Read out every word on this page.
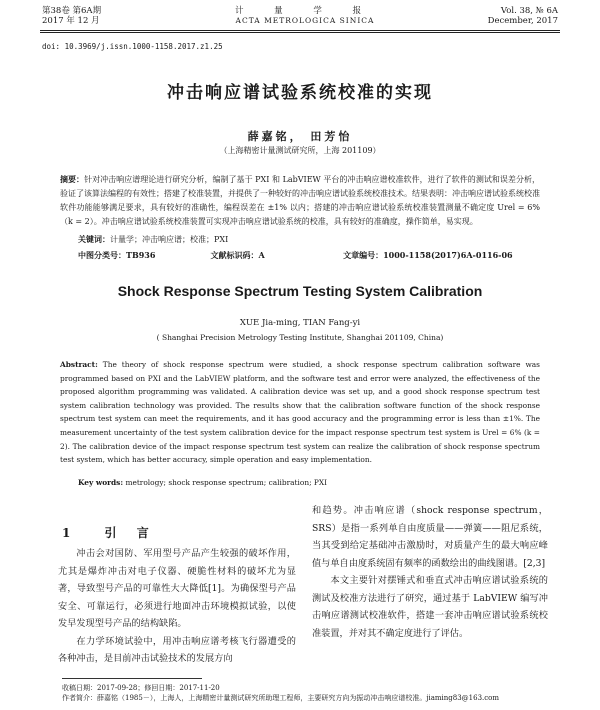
第38卷 第6A期
2017 年 12 月
计 量 学 报
ACTA METROLOGICA SINICA
Vol. 38, № 6A
December, 2017
doi: 10.3969/j.issn.1000-1158.2017.z1.25
冲击响应谱试验系统校准的实现
薛嘉铭， 田芳怡
（上海精密计量测试研究所，上海 201109）
摘要：针对冲击响应谱理论进行研究分析，编制了基于 PXI 和 LabVIEW 平台的冲击响应谱校准软件，进行了软件的测试和误差分析，验证了该算法编程的有效性；搭建了校准装置，并提供了一种较好的冲击响应谱试验系统校准技术。结果表明：冲击响应谱试验系统校准软件功能能够满足要求，具有较好的准确性，编程误差在 ±1% 以内；搭建的冲击响应谱试验系统校准装置测量不确定度 Urel = 6%（k = 2）。冲击响应谱试验系统校准装置可实现冲击响应谱试验系统的校准，具有较好的准确度，操作简单，易实现。
关键词：计量学；冲击响应谱；校准；PXI
中图分类号：TB936	文献标识码：A	文章编号：1000-1158(2017)6A-0116-06
Shock Response Spectrum Testing System Calibration
XUE Jia-ming, TIAN Fang-yi
( Shanghai Precision Metrology Testing Institute, Shanghai 201109, China)
Abstract: The theory of shock response spectrum were studied, a shock response spectrum calibration software was programmed based on PXI and the LabVIEW platform, and the software test and error were analyzed, the effectiveness of the proposed algorithm programming was validated. A calibration device was set up, and a good shock response spectrum test system calibration technology was provided. The results show that the calibration software function of the shock response spectrum test system can meet the requirements, and it has good accuracy and the programming error is less than ±1%. The measurement uncertainty of the test system calibration device for the impact response spectrum test system is Urel = 6% (k = 2). The calibration device of the impact response spectrum test system can realize the calibration of shock response spectrum test system, which has better accuracy, simple operation and easy implementation.
Key words: metrology; shock response spectrum; calibration; PXI
1 引 言

冲击会对国防、军用型号产品产生较强的破坏作用，尤其是爆炸冲击对电子仪器、硬脆性材料的破坏尤为显著，导致型号产品的可靠性大大降低[1]。为确保型号产品安全、可靠运行，必须进行地面冲击环境模拟试验，以使发早发现型号产品的结构缺陷。

在力学环境试验中，用冲击响应谱考核飞行器遭受的各种冲击，是目前冲击试验技术的发展方向

和趋势。冲击响应谱（shock response spectrum，SRS）是指一系列单自由度质量——弹簧——阻尼系统，当其受到给定基础冲击激励时，对质量产生的最大响应峰值与单自由度系统固有频率的函数绘出的曲线图谱。[2,3]

本文主要针对摆锤式和垂直式冲击响应谱试验系统的测试及校准方法进行了研究，通过基于 LabVIEW 编写冲击响应谱测试校准软件，搭建一套冲击响应谱试验系统校准装置，并对其不确定度进行了评估。

收稿日期：2017-09-28；修回日期：2017-11-20
作者简介：薛嘉铭（1985－），上海人，上海精密计量测试研究所助理工程师，主要研究方向为振动冲击响应谱校准。jiaming83@163.com
